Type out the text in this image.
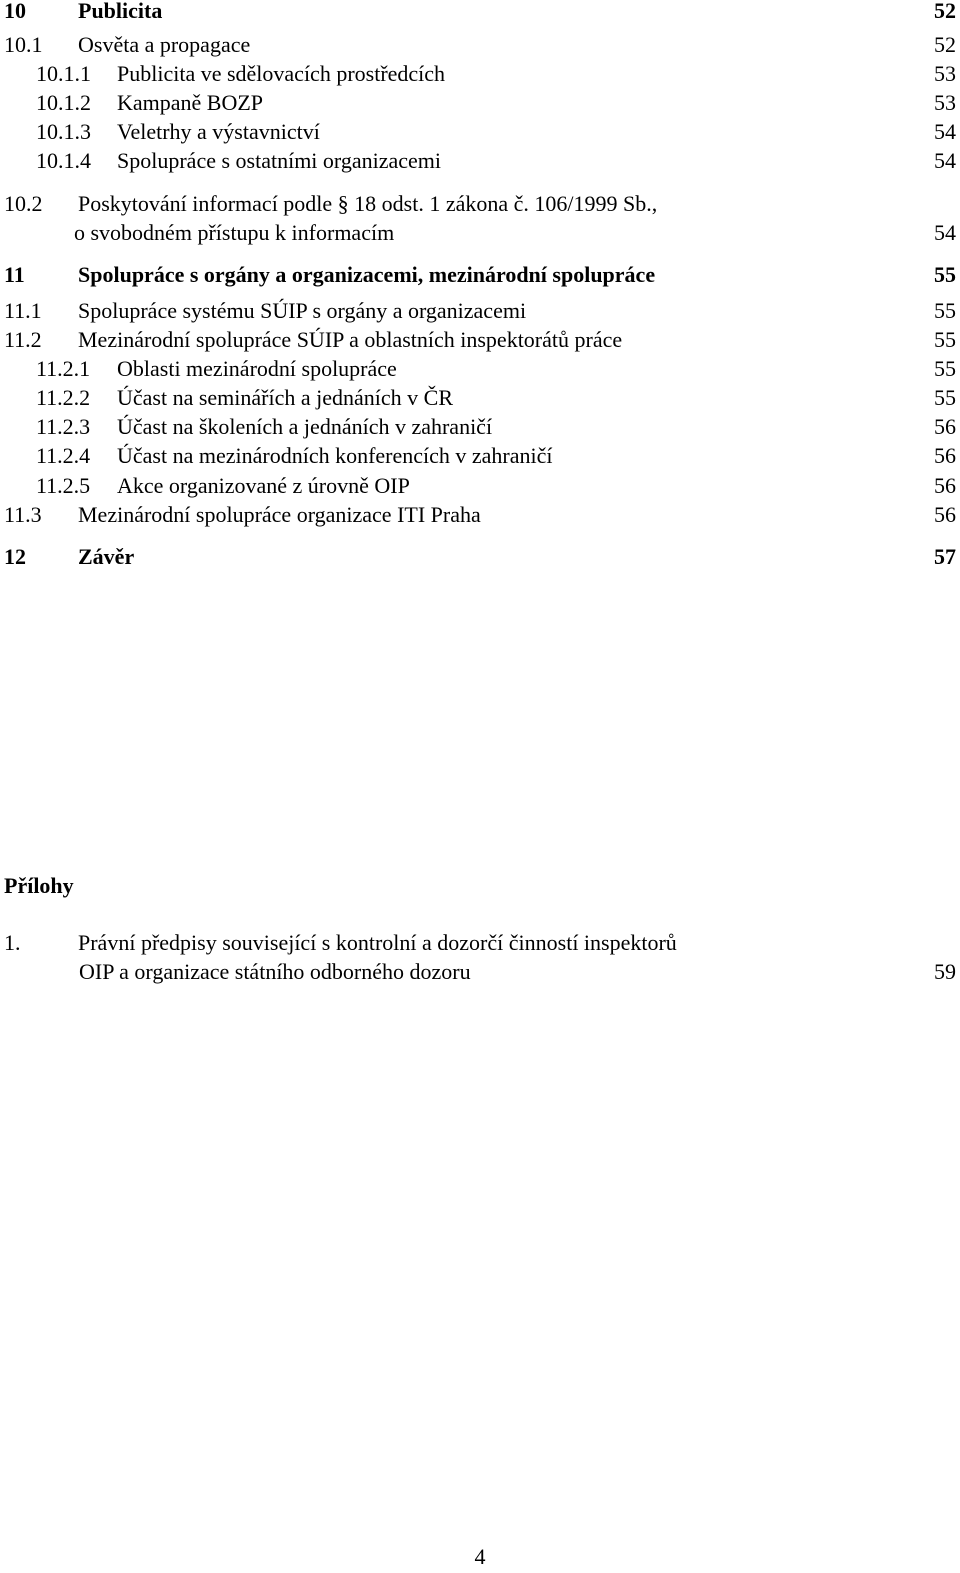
10 Publicita	52
10.1 Osvěta a propagace	52
10.1.1 Publicita ve sdělovacích prostředcích	53
10.1.2 Kampaně BOZP	53
10.1.3 Veletrhy a výstavnictví	54
10.1.4 Spolupráce s ostatními organizacemi	54
10.2 Poskytování informací podle § 18 odst. 1 zákona č. 106/1999 Sb.,
o svobodném přístupu k informacím	54
11 Spolupráce s orgány a organizacemi, mezinárodní spolupráce	55
11.1 Spolupráce systému SÚIP s orgány a organizacemi	55
11.2 Mezinárodní spolupráce SÚIP a oblastních inspektorátů práce	55
11.2.1 Oblasti mezinárodní spolupráce	55
11.2.2 Účast na seminářích a jednáních v ČR	55
11.2.3 Účast na školeních a jednáních v zahraničí	56
11.2.4 Účast na mezinárodních konferencích v zahraničí	56
11.2.5 Akce organizované z úrovně OIP	56
11.3 Mezinárodní spolupráce organizace ITI Praha	56
12 Závěr	57
Přílohy
1.	Právní předpisy související s kontrolní a dozorčí činností inspektorů
OIP a organizace státního odborného dozoru	59
4
